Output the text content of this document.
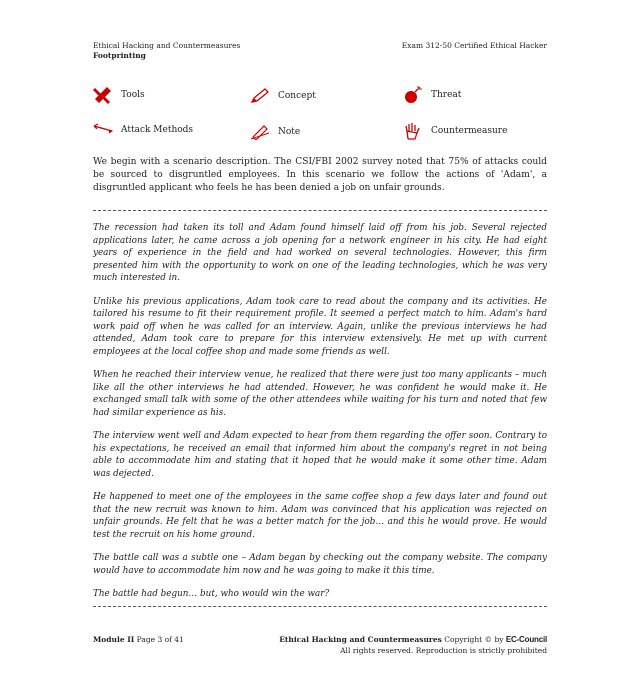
Ethical Hacking and Countermeasures	Exam 312-50 Certified Ethical Hacker
Footprinting
Tools	Concept	Threat
Attack Methods	Note	Countermeasure

We begin with a scenario description. The CSI/FBI 2002 survey noted that 75% of attacks could be sourced to disgruntled employees. In this scenario we follow the actions of 'Adam', a disgruntled applicant who feels he has been denied a job on unfair grounds.

The recession had taken its toll and Adam found himself laid off from his job. Several rejected applications later, he came across a job opening for a network engineer in his city. He had eight years of experience in the field and had worked on several technologies. However, this firm presented him with the opportunity to work on one of the leading technologies, which he was very much interested in.

Unlike his previous applications, Adam took care to read about the company and its activities. He tailored his resume to fit their requirement profile. It seemed a perfect match to him. Adam's hard work paid off when he was called for an interview. Again, unlike the previous interviews he had attended, Adam took care to prepare for this interview extensively. He met up with current employees at the local coffee shop and made some friends as well.

When he reached their interview venue, he realized that there were just too many applicants – much like all the other interviews he had attended. However, he was confident he would make it. He exchanged small talk with some of the other attendees while waiting for his turn and noted that few had similar experience as his.

The interview went well and Adam expected to hear from them regarding the offer soon. Contrary to his expectations, he received an email that informed him about the company's regret in not being able to accommodate him and stating that it hoped that he would make it some other time. Adam was dejected.

He happened to meet one of the employees in the same coffee shop a few days later and found out that the new recruit was known to him. Adam was convinced that his application was rejected on unfair grounds. He felt that he was a better match for the job… and this he would prove. He would test the recruit on his home ground.

The battle call was a subtle one – Adam began by checking out the company website. The company would have to accommodate him now and he was going to make it this time.

The battle had begun… but, who would win the war?

Module II Page 3 of 41	Ethical Hacking and Countermeasures Copyright © by EC-Council
All rights reserved. Reproduction is strictly prohibited
